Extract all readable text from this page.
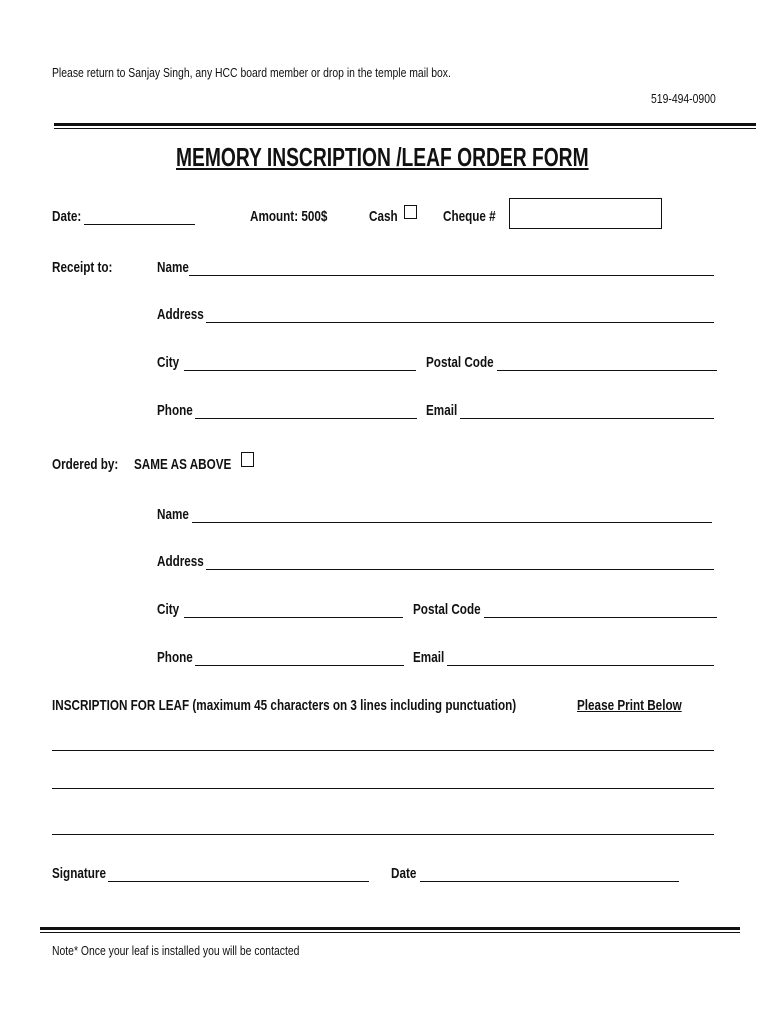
Please return to Sanjay Singh, any HCC board member or drop in the temple mail box.
519-494-0900
MEMORY INSCRIPTION /LEAF ORDER FORM
Date:	Amount: 500$	Cash	Cheque #
Receipt to:	Name
Address
City	Postal Code
Phone	Email
Ordered by:	SAME AS ABOVE
Name
Address
City	Postal Code
Phone	Email
INSCRIPTION FOR LEAF (maximum 45 characters on 3 lines including punctuation)	Please Print Below
Signature	Date
Note* Once your leaf is installed you will be contacted
